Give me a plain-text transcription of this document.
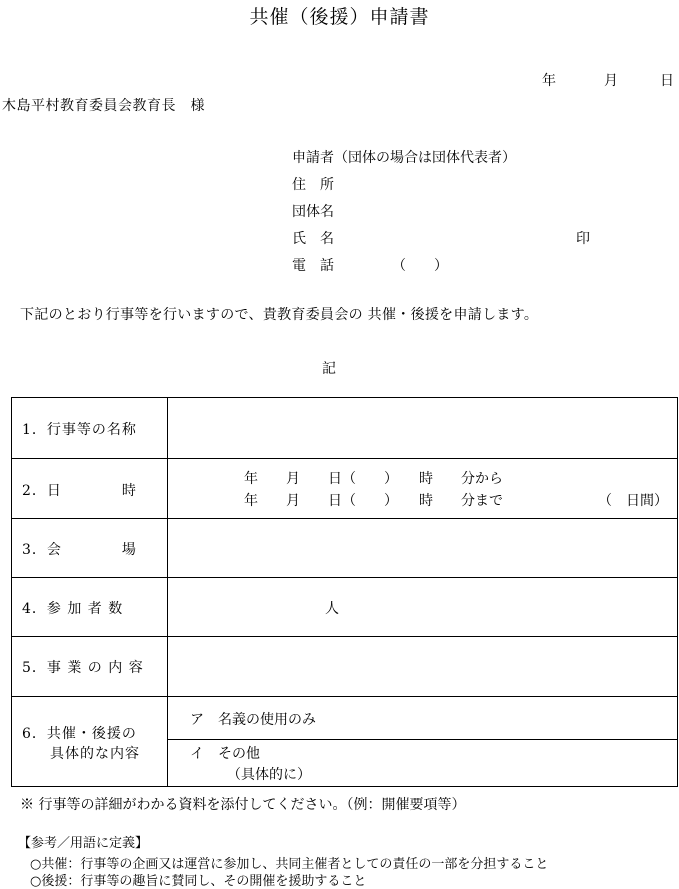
共催（後援）申請書
年	月	日
木島平村教育委員会教育長　様
申請者（団体の場合は団体代表者）
住　所
団体名
氏　名	印
電　話	（　　）
下記のとおり行事等を行いますので、貴教育委員会の 共催・後援を申請します。
記
1．行事等の名称
2．日　　　　時
年　　月　　日（　　）　　時　　分から
年　　月　　日（　　）　　時　　分まで	（　日間）
3．会　　　　場
4．参 加 者 数	人
5．事 業 の 内 容
6．共催・後援の
具体的な内容
ア　名義の使用のみ
イ　その他
（具体的に）
※ 行事等の詳細がわかる資料を添付してください。（例：開催要項等）
【参考／用語に定義】
○共催：行事等の企画又は運営に参加し、共同主催者としての責任の一部を分担すること
○後援：行事等の趣旨に賛同し、その開催を援助すること
